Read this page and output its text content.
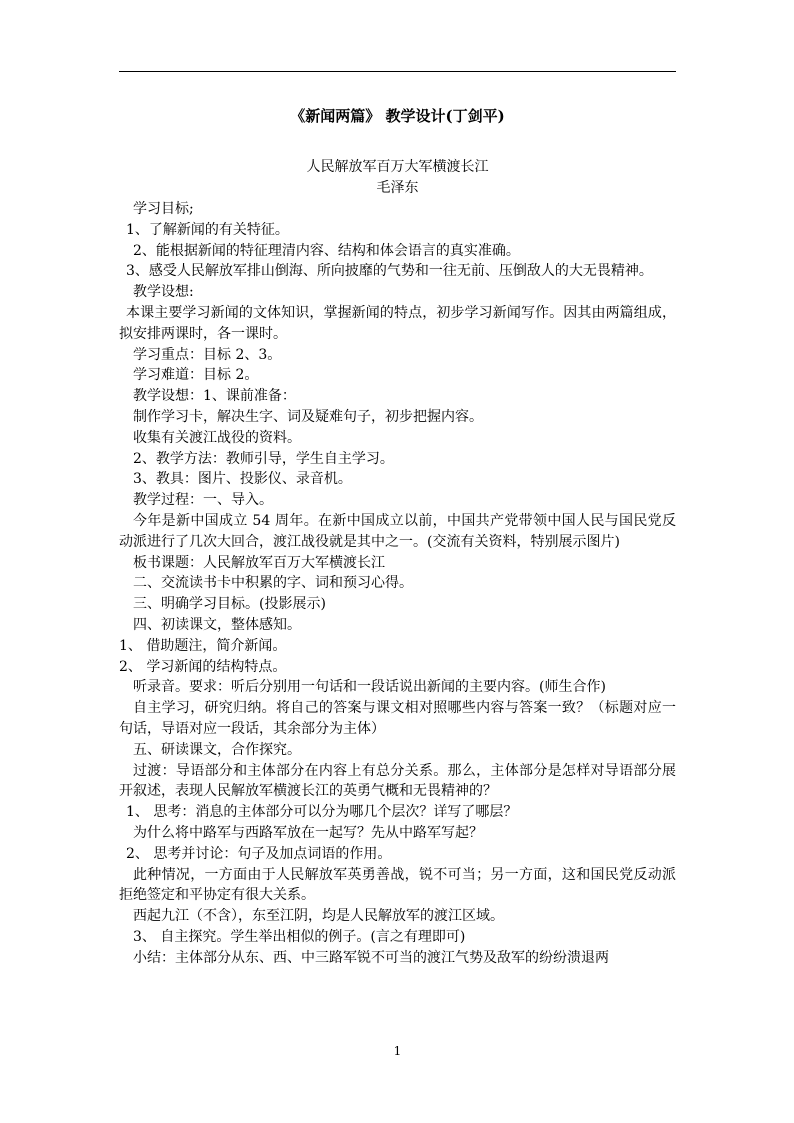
《新闻两篇》 教学设计(丁剑平)
人民解放军百万大军横渡长江
毛泽东

学习目标;

1、了解新闻的有关特征。

2、能根据新闻的特征理清内容、结构和体会语言的真实准确。

3、感受人民解放军排山倒海、所向披靡的气势和一往无前、压倒敌人的大无畏精神。

教学设想:

本课主要学习新闻的文体知识，掌握新闻的特点，初步学习新闻写作。因其由两篇组成，拟安排两课时，各一课时。

学习重点：目标 2、3。

学习难道：目标 2。

教学设想：1、课前准备：

制作学习卡，解决生字、词及疑难句子，初步把握内容。

收集有关渡江战役的资料。

2、教学方法：教师引导，学生自主学习。

3、教具：图片、投影仪、录音机。

教学过程：一、导入。

今年是新中国成立 54 周年。在新中国成立以前，中国共产党带领中国人民与国民党反动派进行了几次大回合，渡江战役就是其中之一。(交流有关资料，特别展示图片)

板书课题：人民解放军百万大军横渡长江

二、交流读书卡中积累的字、词和预习心得。

三、明确学习目标。(投影展示)

四、初读课文，整体感知。

1、 借助题注，简介新闻。

2、 学习新闻的结构特点。

听录音。要求：听后分别用一句话和一段话说出新闻的主要内容。(师生合作)

自主学习，研究归纳。将自己的答案与课文相对照哪些内容与答案一致？（标题对应一句话，导语对应一段话，其余部分为主体）

五、研读课文，合作探究。

过渡：导语部分和主体部分在内容上有总分关系。那么，主体部分是怎样对导语部分展开叙述，表现人民解放军横渡长江的英勇气概和无畏精神的？

1、 思考：消息的主体部分可以分为哪几个层次？详写了哪层？

为什么将中路军与西路军放在一起写？先从中路军写起？

2、 思考并讨论：句子及加点词语的作用。

此种情况，一方面由于人民解放军英勇善战，锐不可当；另一方面，这和国民党反动派拒绝签定和平协定有很大关系。

西起九江（不含），东至江阴，均是人民解放军的渡江区域。

3、 自主探究。学生举出相似的例子。(言之有理即可)

小结：主体部分从东、西、中三路军锐不可当的渡江气势及敌军的纷纷溃退两

1
